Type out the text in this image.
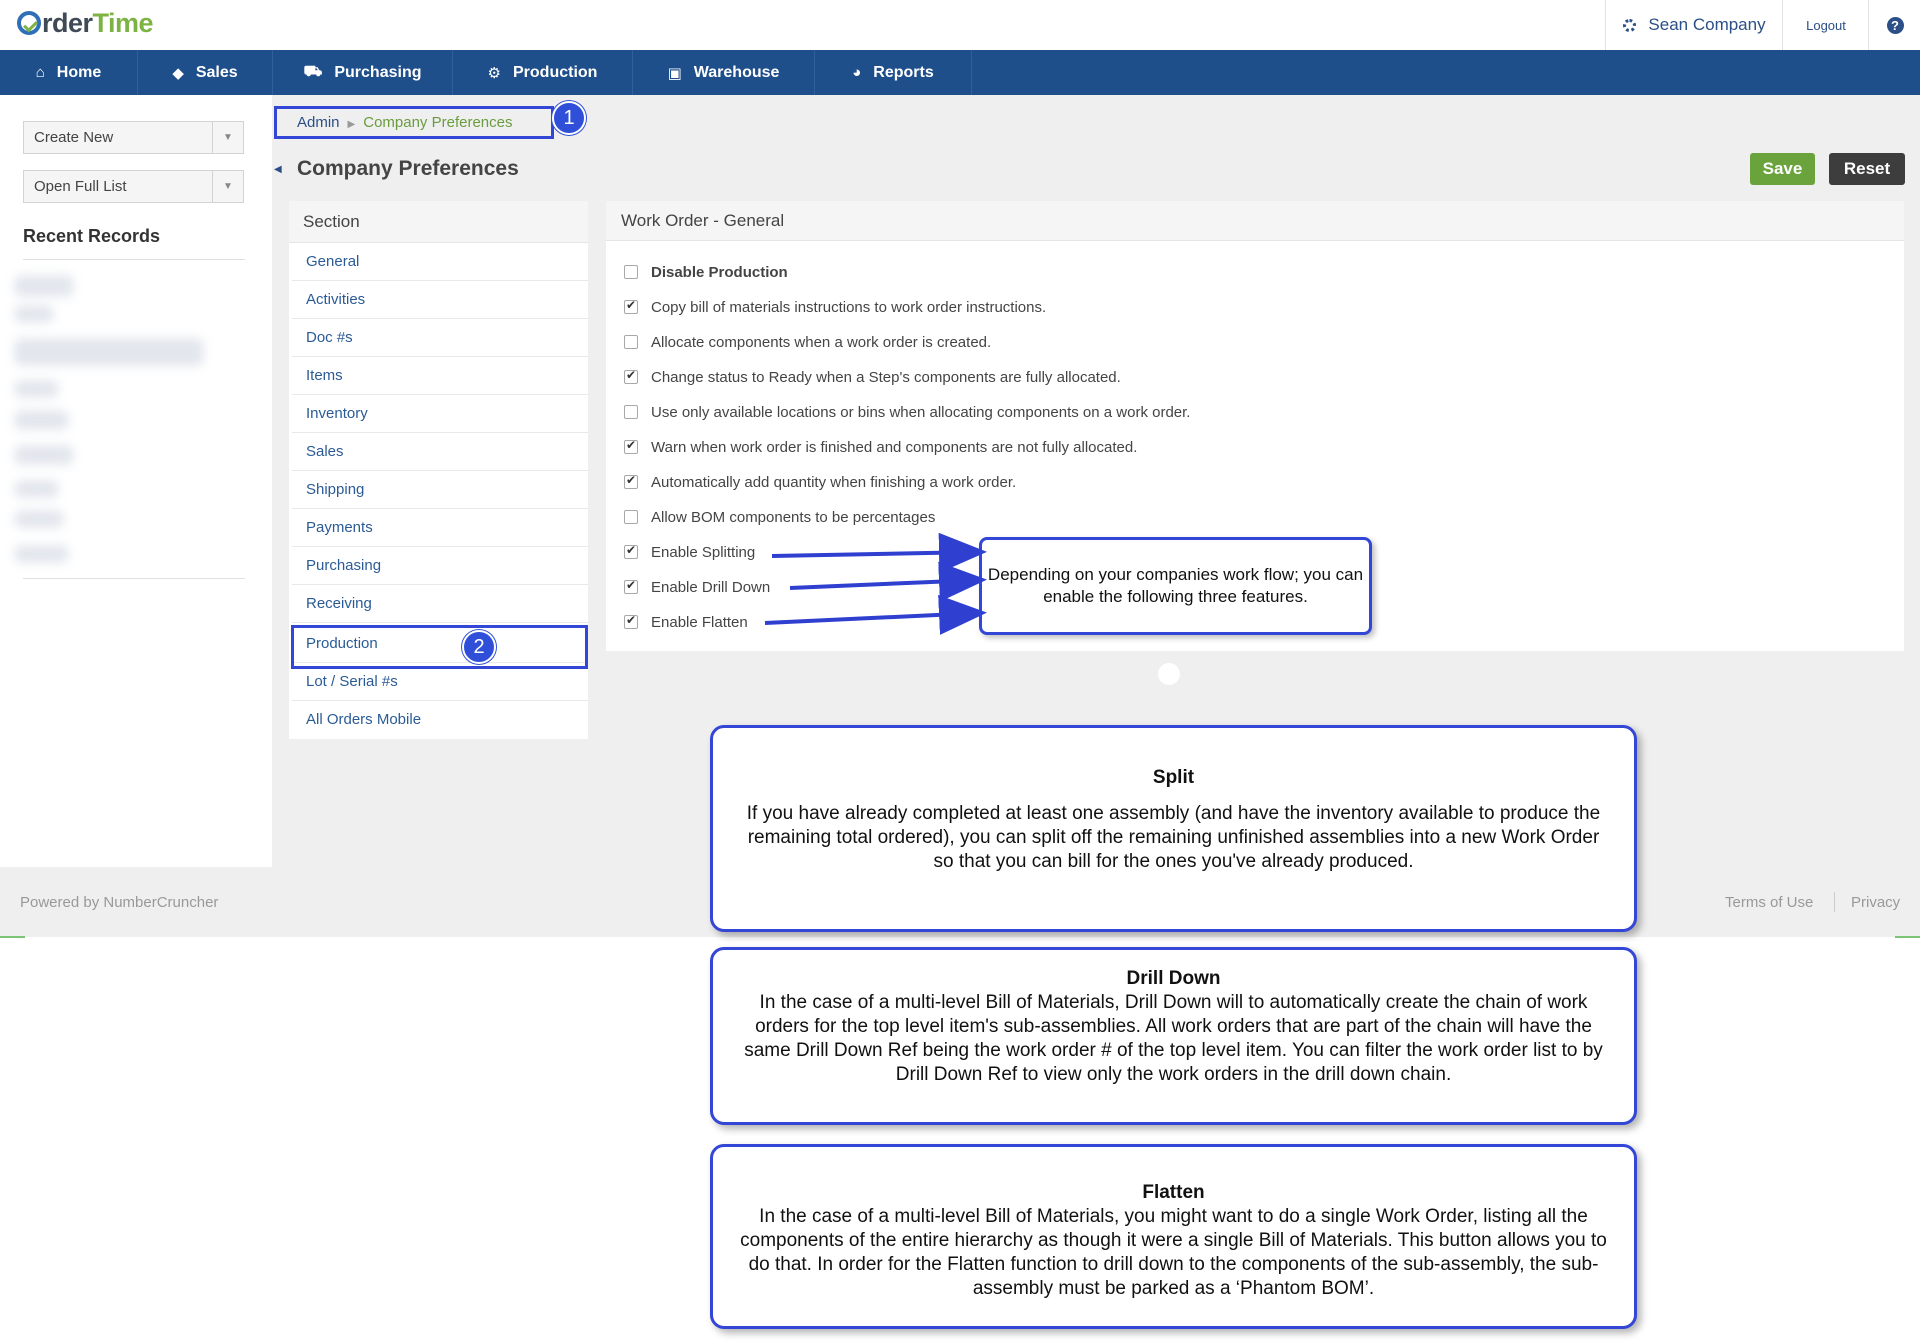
rderTime	Sean Company	Logout	?
⌂ Home	◆ Sales	⛟ Purchasing	⚙ Production	▣ Warehouse	◕ Reports
Create New	▼
Open Full List	▼
Recent Records
Admin ▶ Company Preferences	1
◀ Company Preferences	Save	Reset
Section
General
Activities
Doc #s
Items
Inventory
Sales
Shipping
Payments
Purchasing
Receiving
Production
Lot / Serial #s
All Orders Mobile
2
Work Order - General
Disable Production
✔
Copy bill of materials instructions to work order instructions.
Allocate components when a work order is created.
✔
Change status to Ready when a Step's components are fully allocated.
Use only available locations or bins when allocating components on a work order.
✔
Warn when work order is finished and components are not fully allocated.
✔
Automatically add quantity when finishing a work order.
Allow BOM components to be percentages
✔
Enable Splitting
✔
Enable Drill Down
✔
Enable Flatten
Depending on your companies work flow; you can enable the following three features.
Powered by NumberCruncher	Terms of Use	Privacy
Split
If you have already completed at least one assembly (and have the inventory available to produce the remaining total ordered), you can split off the remaining unfinished assemblies into a new Work Order so that you can bill for the ones you've already produced.
Drill Down
In the case of a multi-level Bill of Materials, Drill Down will to automatically create the chain of work orders for the top level item's sub-assemblies. All work orders that are part of the chain will have the same Drill Down Ref being the work order # of the top level item. You can filter the work order list to by Drill Down Ref to view only the work orders in the drill down chain.
Flatten
In the case of a multi-level Bill of Materials, you might want to do a single Work Order, listing all the components of the entire hierarchy as though it were a single Bill of Materials. This button allows you to do that. In order for the Flatten function to drill down to the components of the sub-assembly, the sub-assembly must be parked as a ‘Phantom BOM’.
